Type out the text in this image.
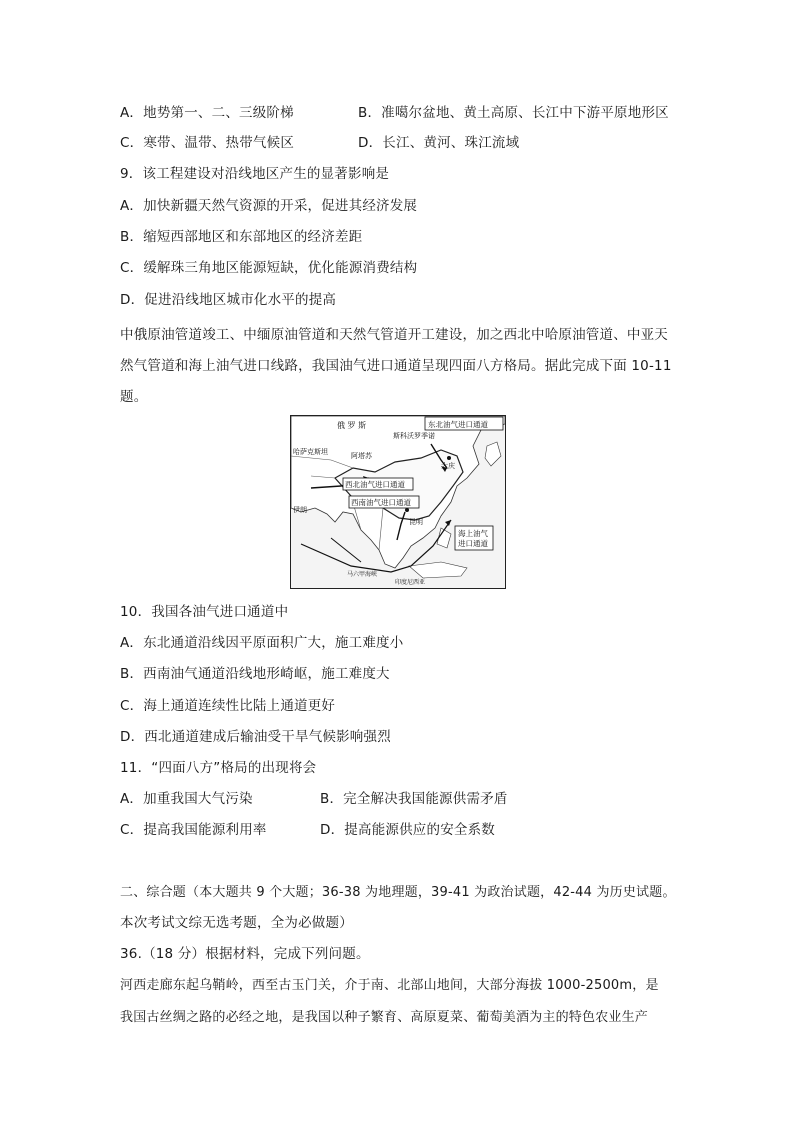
A．地势第一、二、三级阶梯	B．准噶尔盆地、黄土高原、长江中下游平原地形区
C．寒带、温带、热带气候区	D．长江、黄河、珠江流域
9．该工程建设对沿线地区产生的显著影响是
A．加快新疆天然气资源的开采，促进其经济发展
B．缩短西部地区和东部地区的经济差距
C．缓解珠三角地区能源短缺，优化能源消费结构
D．促进沿线地区城市化水平的提高
中俄原油管道竣工、中缅原油管道和天然气管道开工建设，加之西北中哈原油管道、中亚天然气管道和海上油气进口线路，我国油气进口通道呈现四面八方格局。据此完成下面 10-11 题。
俄 罗 斯	东北油气进口通道
斯科沃罗季诺
哈萨克斯坦	阿塔苏
大庆
西北油气进口通道
西南油气进口通道
伊朗
昆明
海上油气
进口通道
马六甲海峡
印度尼西亚
10．我国各油气进口通道中
A．东北通道沿线因平原面积广大，施工难度小
B．西南油气通道沿线地形崎岖，施工难度大
C．海上通道连续性比陆上通道更好
D．西北通道建成后输油受干旱气候影响强烈
11．“四面八方”格局的出现将会
A．加重我国大气污染	B．完全解决我国能源供需矛盾
C．提高我国能源利用率	D．提高能源供应的安全系数
二、综合题（本大题共 9 个大题；36-38 为地理题，39-41 为政治试题，42-44 为历史试题。
本次考试文综无选考题，全为必做题）
36.（18 分）根据材料，完成下列问题。
河西走廊东起乌鞘岭，西至古玉门关，介于南、北部山地间，大部分海拔 1000-2500m，是
我国古丝绸之路的必经之地，是我国以种子繁育、高原夏菜、葡萄美酒为主的特色农业生产
